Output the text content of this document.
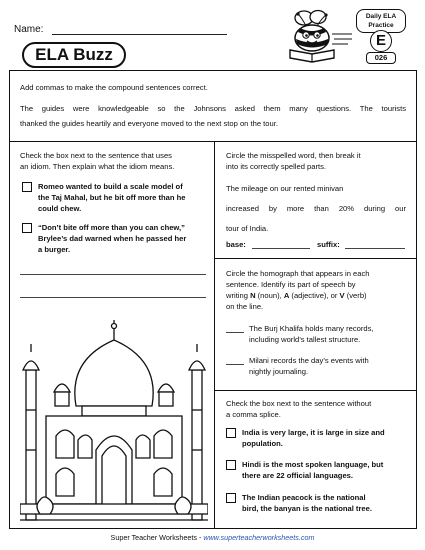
Name:
ELA Buzz
Daily ELA
Practice
E
026
Add commas to make the compound sentences correct.
The guides were knowledgeable so the Johnsons asked them many questions. The tourists
thanked the guides heartily and everyone moved to the next stop on the tour.
Check the box next to the sentence that uses
an idiom. Then explain what the idiom means.
Romeo wanted to build a scale model of
the Taj Mahal, but he bit off more than he
could chew.
“Don’t bite off more than you can chew,”
Brylee’s dad warned when he passed her
a burger.
Circle the misspelled word, then break it
into its correctly spelled parts.
The mileage on our rented minivan
increased by more than 20% during our
tour of India.
base:	suffix:
Circle the homograph that appears in each
sentence. Identify its part of speech by
writing N (noun), A (adjective), or V (verb)
on the line.
The Burj Khalifa holds many records,
including world’s tallest structure.
Milani records the day’s events with
nightly journaling.
Check the box next to the sentence without
a comma splice.
India is very large, it is large in size and
population.
Hindi is the most spoken language, but
there are 22 official languages.
The Indian peacock is the national
bird, the banyan is the national tree.
Super Teacher Worksheets - www.superteacherworksheets.com
